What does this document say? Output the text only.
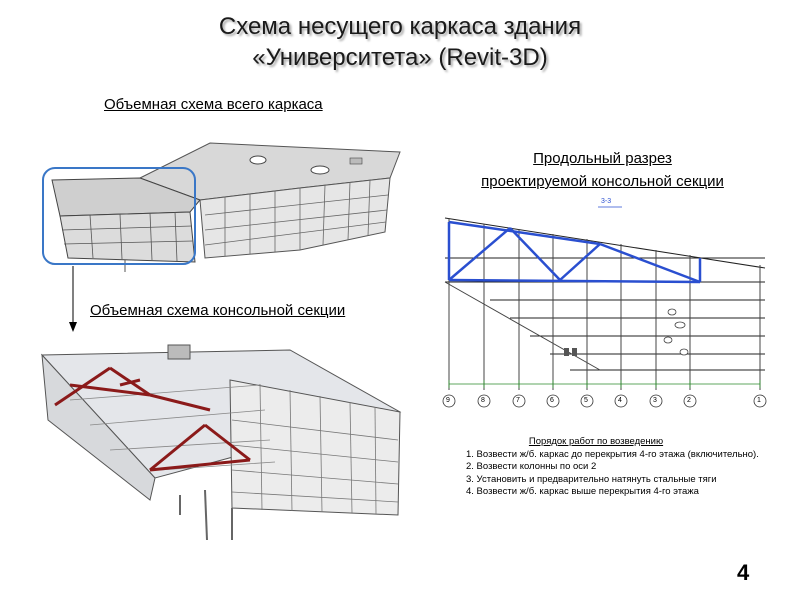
Схема несущего каркаса здания
«Университета» (Revit-3D)
Объемная схема всего каркаса
Объемная схема консольной секции
Продольный разрез
проектируемой консольной секции
9	8	7	6	5	4	3	2	1
3-3
Порядок работ по возведению
1. Возвести ж/б. каркас до перекрытия 4-го этажа (включительно).
2. Возвести колонны по оси 2
3. Установить и предварительно натянуть стальные тяги
4. Возвести ж/б. каркас выше перекрытия 4-го этажа
4
